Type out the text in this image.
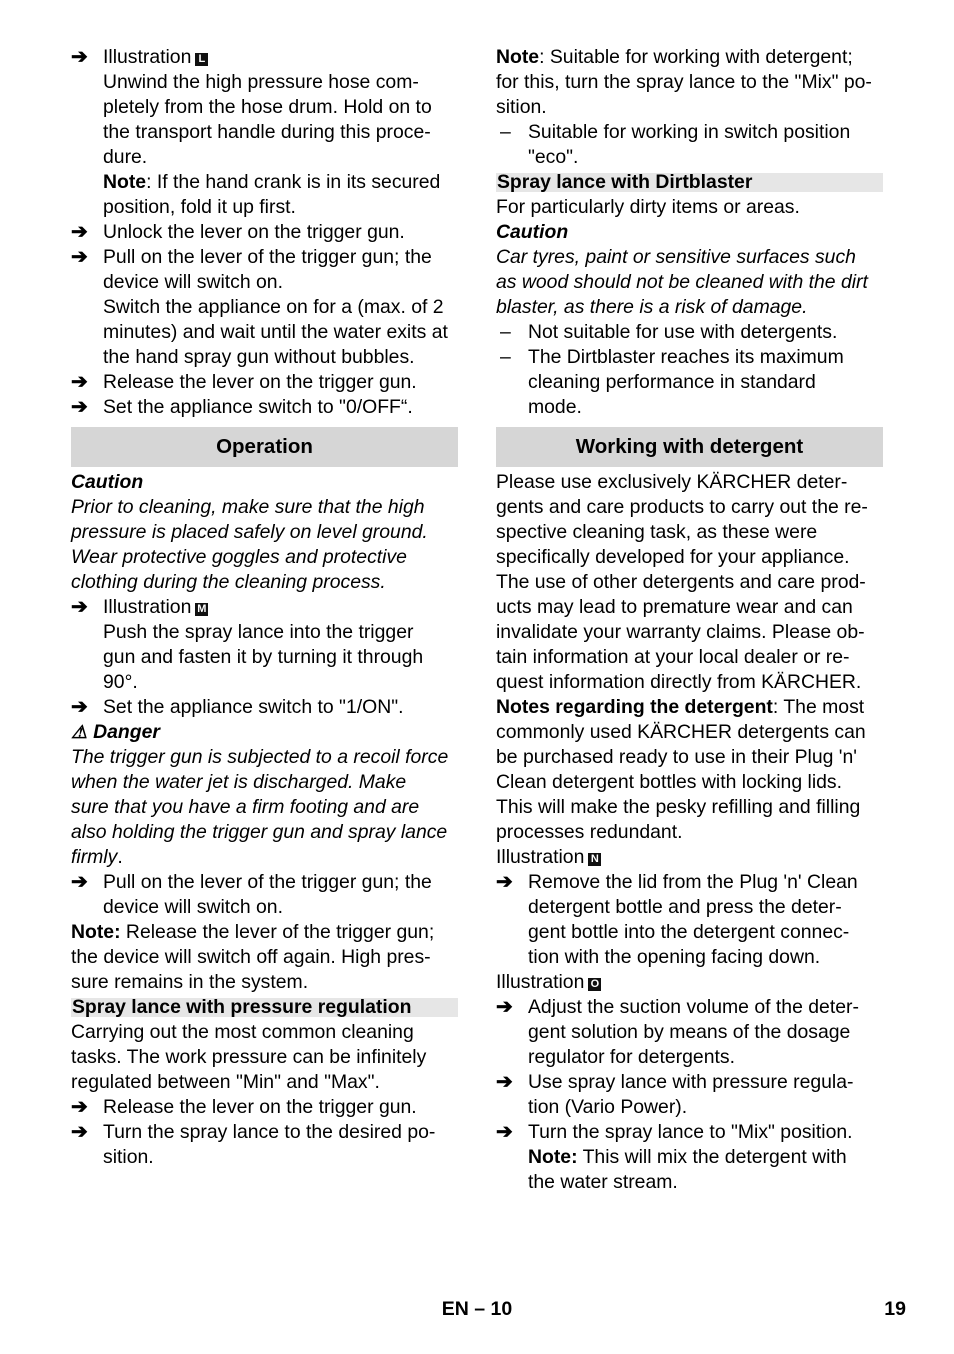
➔ Illustration L
Unwind the high pressure hose com-
pletely from the hose drum. Hold on to
the transport handle during this proce-
dure.
Note: If the hand crank is in its secured
position, fold it up first.
➔ Unlock the lever on the trigger gun.
➔ Pull on the lever of the trigger gun; the
device will switch on.
Switch the appliance on for a (max. of 2
minutes) and wait until the water exits at
the hand spray gun without bubbles.
➔ Release the lever on the trigger gun.
➔ Set the appliance switch to "0/OFF“.
Operation
Caution
Prior to cleaning, make sure that the high
pressure is placed safely on level ground.
Wear protective goggles and protective
clothing during the cleaning process.
➔ Illustration M
Push the spray lance into the trigger
gun and fasten it by turning it through
90°.
➔ Set the appliance switch to "1/ON".
⚠ Danger
The trigger gun is subjected to a recoil force
when the water jet is discharged. Make
sure that you have a firm footing and are
also holding the trigger gun and spray lance
firmly.
➔ Pull on the lever of the trigger gun; the
device will switch on.
Note: Release the lever of the trigger gun;
the device will switch off again. High pres-
sure remains in the system.
Spray lance with pressure regulation
Carrying out the most common cleaning
tasks. The work pressure can be infinitely
regulated between "Min" and "Max".
➔ Release the lever on the trigger gun.
➔ Turn the spray lance to the desired po-
sition.
Note: Suitable for working with detergent;
for this, turn the spray lance to the "Mix" po-
sition.
– Suitable for working in switch position
"eco".
Spray lance with Dirtblaster
For particularly dirty items or areas.
Caution
Car tyres, paint or sensitive surfaces such
as wood should not be cleaned with the dirt
blaster, as there is a risk of damage.
– Not suitable for use with detergents.
– The Dirtblaster reaches its maximum
cleaning performance in standard
mode.
Working with detergent
Please use exclusively KÄRCHER deter-
gents and care products to carry out the re-
spective cleaning task, as these were
specifically developed for your appliance.
The use of other detergents and care prod-
ucts may lead to premature wear and can
invalidate your warranty claims. Please ob-
tain information at your local dealer or re-
quest information directly from KÄRCHER.
Notes regarding the detergent: The most
commonly used KÄRCHER detergents can
be purchased ready to use in their Plug 'n'
Clean detergent bottles with locking lids.
This will make the pesky refilling and filling
processes redundant.
Illustration N
➔ Remove the lid from the Plug 'n' Clean
detergent bottle and press the deter-
gent bottle into the detergent connec-
tion with the opening facing down.
Illustration O
➔ Adjust the suction volume of the deter-
gent solution by means of the dosage
regulator for detergents.
➔ Use spray lance with pressure regula-
tion (Vario Power).
➔ Turn the spray lance to "Mix" position.
Note: This will mix the detergent with
the water stream.
EN – 10	19
